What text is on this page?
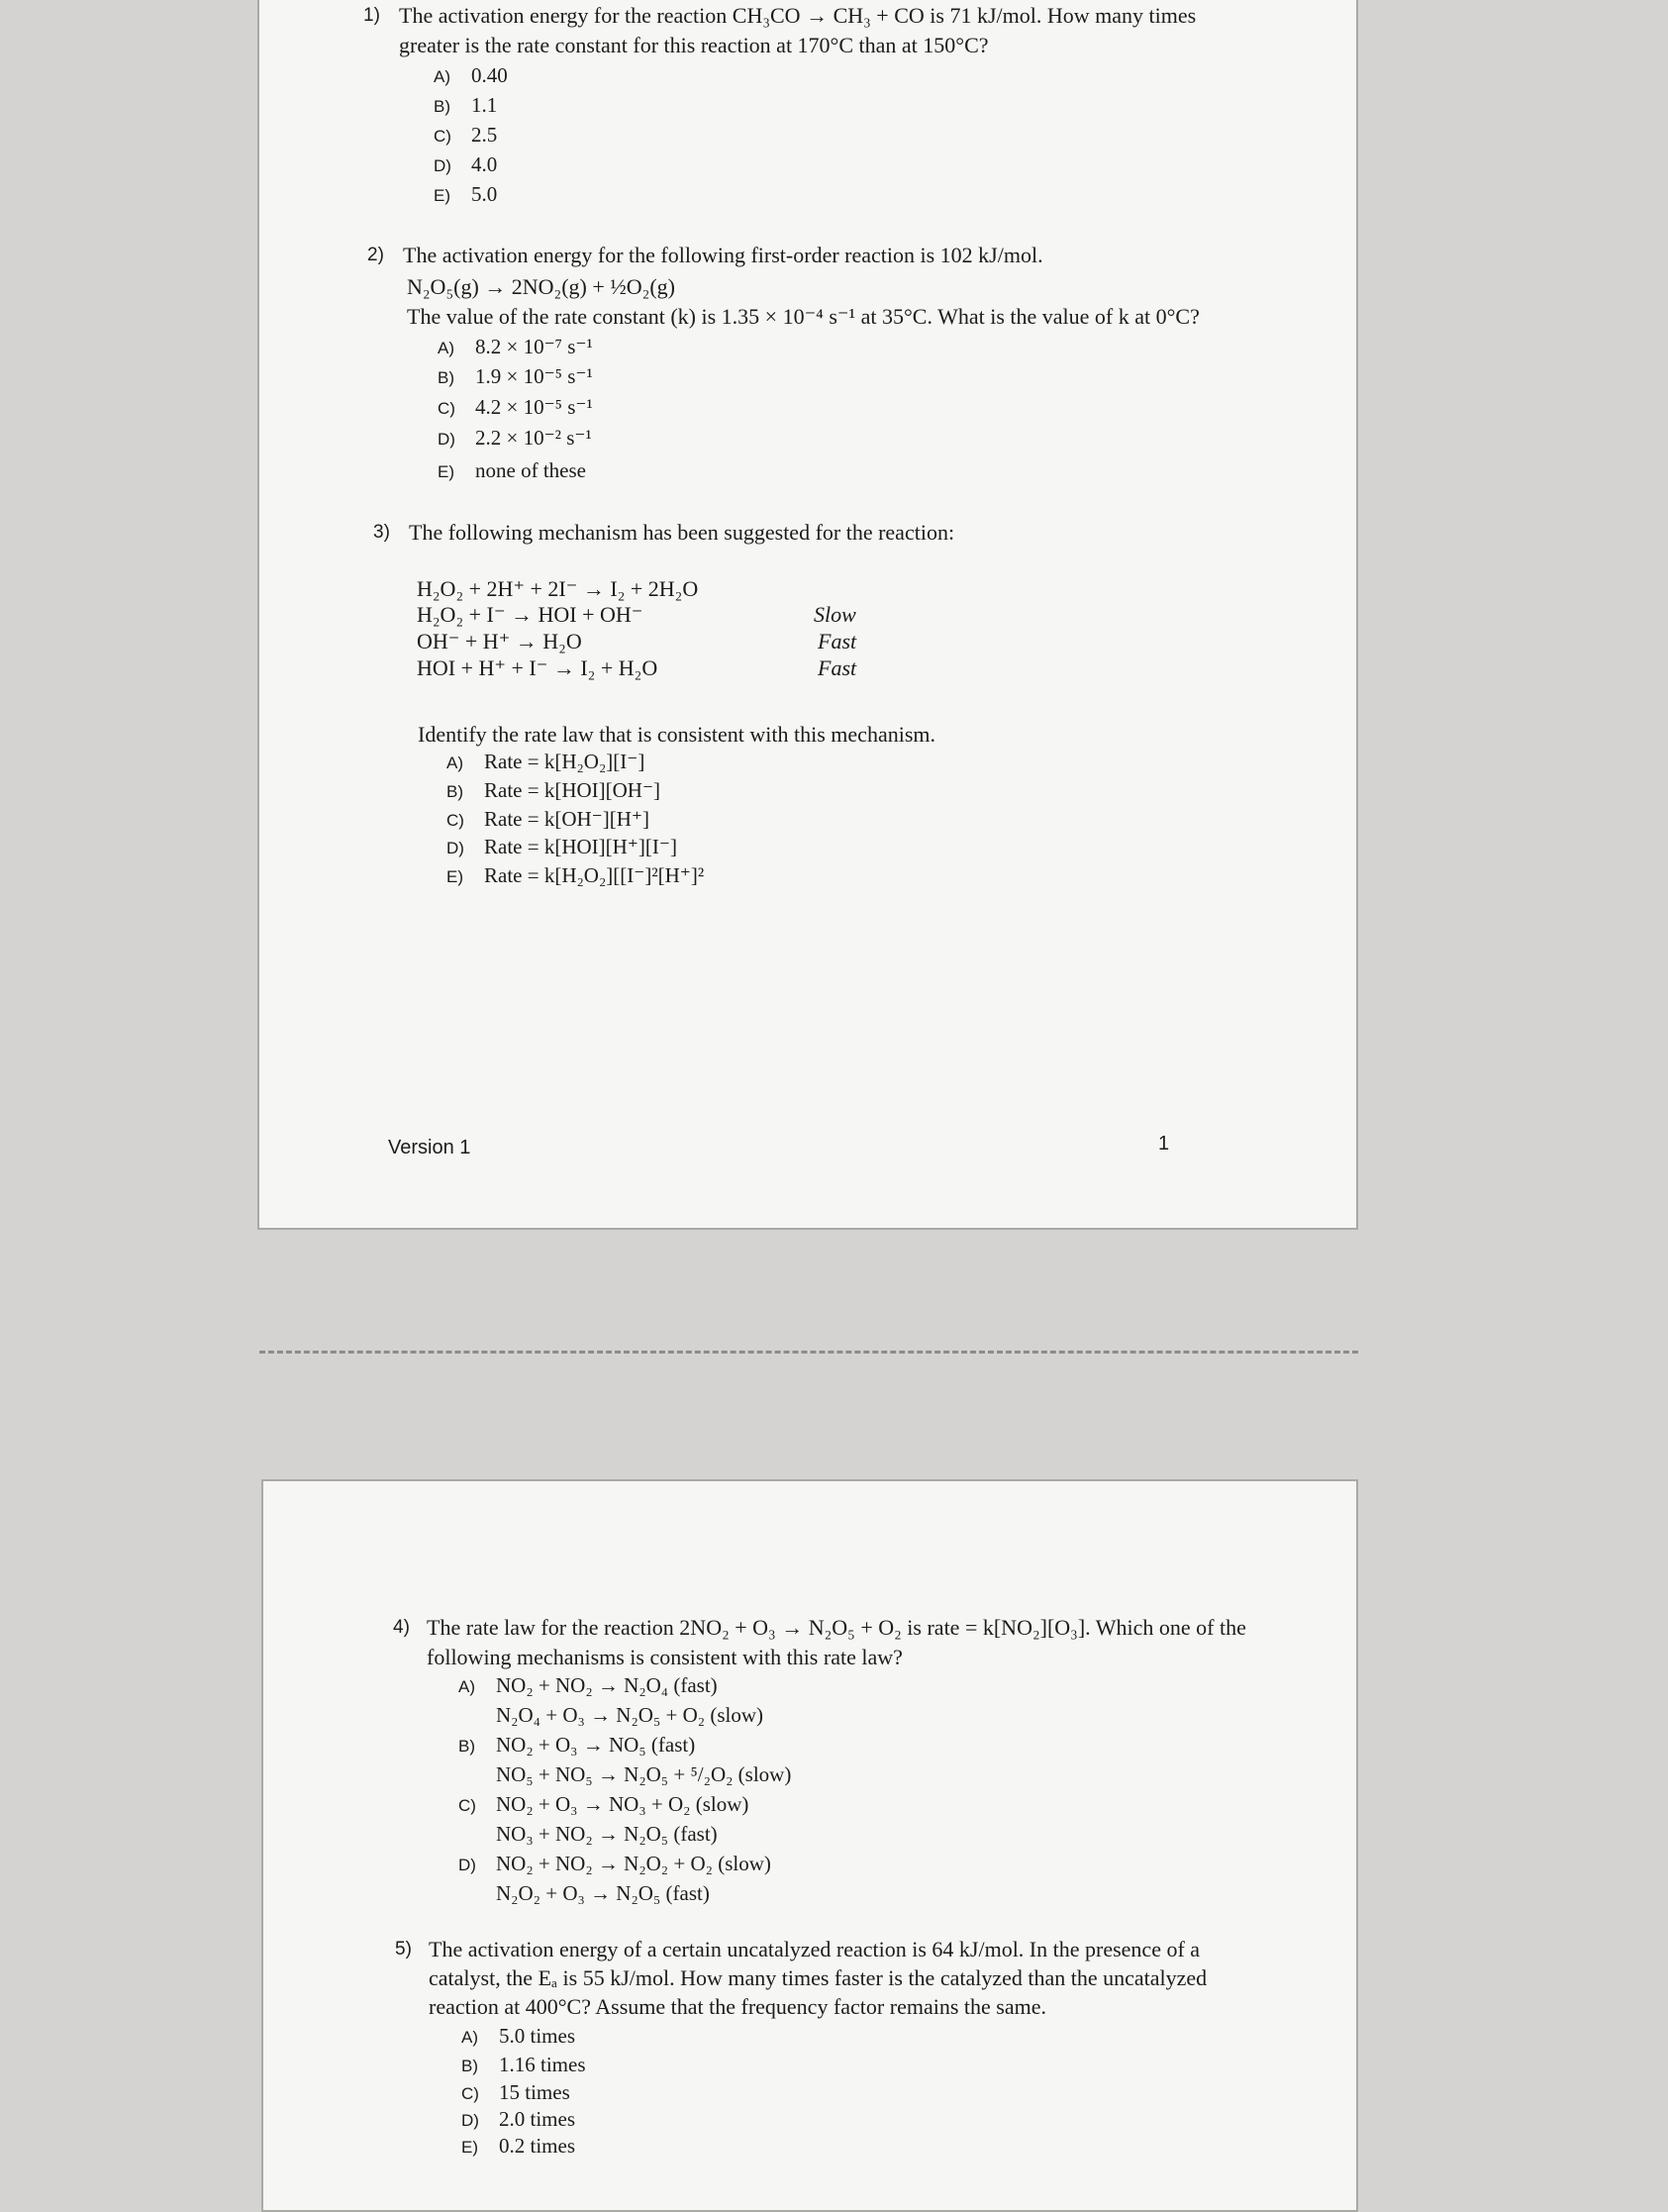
1) The activation energy for the reaction CH₃CO → CH₃ + CO is 71 kJ/mol. How many times
greater is the rate constant for this reaction at 170°C than at 150°C?
A) 0.40
B) 1.1
C) 2.5
D) 4.0
E) 5.0
2) The activation energy for the following first-order reaction is 102 kJ/mol.
N₂O₅(g) → 2NO₂(g) + ½O₂(g)
The value of the rate constant (k) is 1.35 × 10⁻⁴ s⁻¹ at 35°C. What is the value of k at 0°C?
A) 8.2 × 10⁻⁷ s⁻¹
B) 1.9 × 10⁻⁵ s⁻¹
C) 4.2 × 10⁻⁵ s⁻¹
D) 2.2 × 10⁻² s⁻¹
E) none of these
3) The following mechanism has been suggested for the reaction:
H₂O₂ + 2H⁺ + 2I⁻ → I₂ + 2H₂O
H₂O₂ + I⁻ → HOI + OH⁻	Slow
OH⁻ + H⁺ → H₂O	Fast
HOI + H⁺ + I⁻ → I₂ + H₂O	Fast
Identify the rate law that is consistent with this mechanism.
A) Rate = k[H₂O₂][I⁻]
B) Rate = k[HOI][OH⁻]
C) Rate = k[OH⁻][H⁺]
D) Rate = k[HOI][H⁺][I⁻]
E) Rate = k[H₂O₂][[I⁻]²[H⁺]²
Version 1	1
4) The rate law for the reaction 2NO₂ + O₃ → N₂O₅ + O₂ is rate = k[NO₂][O₃]. Which one of the
following mechanisms is consistent with this rate law?
A) NO₂ + NO₂ → N₂O₄ (fast)
N₂O₄ + O₃ → N₂O₅ + O₂ (slow)
B) NO₂ + O₃ → NO₅ (fast)
NO₅ + NO₅ → N₂O₅ + ⁵/₂O₂ (slow)
C) NO₂ + O₃ → NO₃ + O₂ (slow)
NO₃ + NO₂ → N₂O₅ (fast)
D) NO₂ + NO₂ → N₂O₂ + O₂ (slow)
N₂O₂ + O₃ → N₂O₅ (fast)
5) The activation energy of a certain uncatalyzed reaction is 64 kJ/mol. In the presence of a
catalyst, the Eₐ is 55 kJ/mol. How many times faster is the catalyzed than the uncatalyzed
reaction at 400°C? Assume that the frequency factor remains the same.
A) 5.0 times
B) 1.16 times
C) 15 times
D) 2.0 times
E) 0.2 times
